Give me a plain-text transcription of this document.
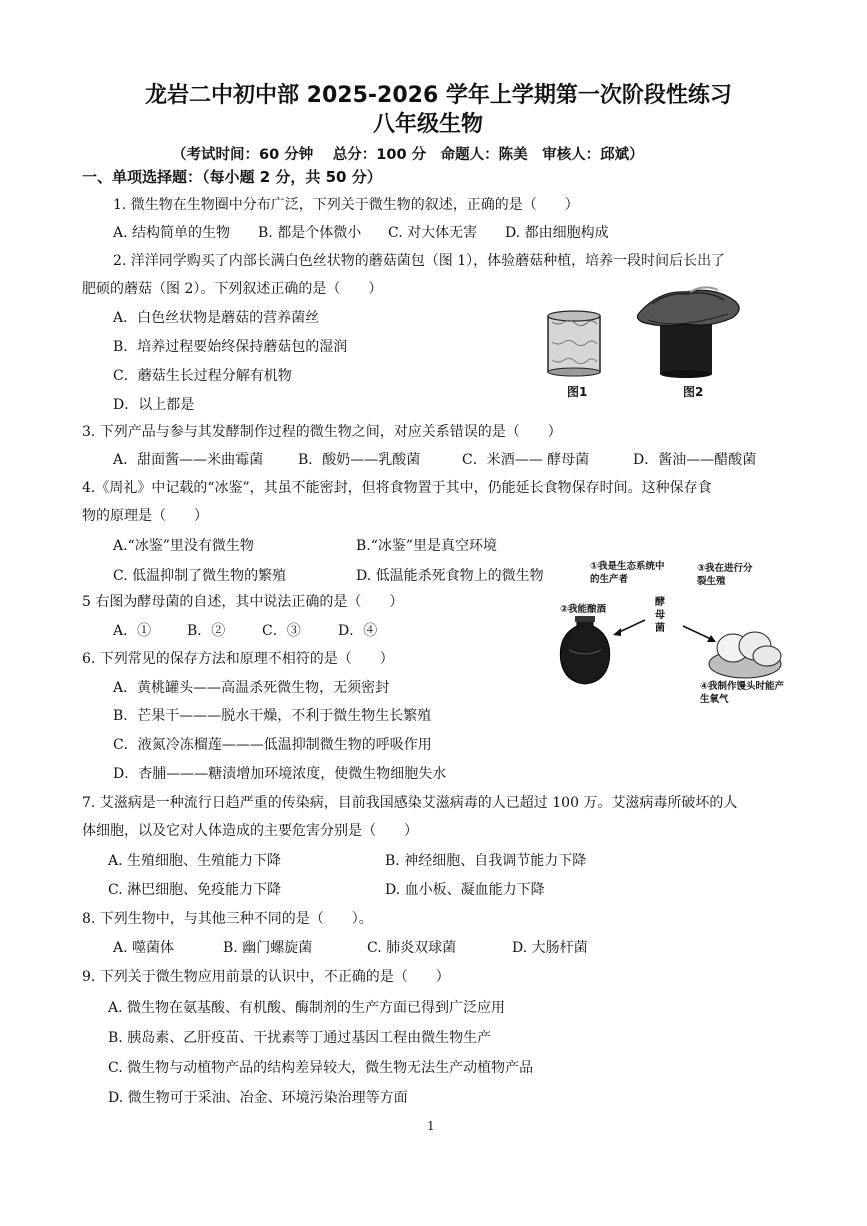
龙岩二中初中部 2025-2026 学年上学期第一次阶段性练习
八年级生物
（考试时间：60 分钟　 总分：100 分　命题人：陈美　审核人：邱斌）
一、单项选择题：（每小题 2 分，共 50 分）
1. 微生物在生物圈中分布广泛，下列关于微生物的叙述，正确的是（　　）
A. 结构简单的生物 B. 都是个体微小 C. 对大体无害 D. 都由细胞构成
2. 洋洋同学购买了内部长满白色丝状物的蘑菇菌包（图 1），体验蘑菇种植，培养一段时间后长出了
肥硕的蘑菇（图 2）。下列叙述正确的是（　　）
A．白色丝状物是蘑菇的营养菌丝
B．培养过程要始终保持蘑菇包的湿润
C．蘑菇生长过程分解有机物
D．以上都是
图1	图2
3. 下列产品与参与其发酵制作过程的微生物之间，对应关系错误的是（　　）
A．甜面酱——米曲霉菌 B．酸奶——乳酸菌	C．米酒—— 酵母菌	D．酱油——醋酸菌
4.《周礼》中记载的“冰鉴”，其虽不能密封，但将食物置于其中，仍能延长食物保存时间。这种保存食
物的原理是（　　）
A.“冰鉴”里没有微生物	B.“冰鉴”里是真空环境
C. 低温抑制了微生物的繁殖	D. 低温能杀死食物上的微生物
5 右图为酵母菌的自述，其中说法正确的是（　　）
A．①	B．②	C．③	D．④
①我是生态系统中的生产者
③我在进行分裂生殖
②我能酿酒
酵母菌
④我制作馒头时能产生氧气
6. 下列常见的保存方法和原理不相符的是（　　）
A．黄桃罐头——高温杀死微生物，无须密封
B．芒果干———脱水干燥，不利于微生物生长繁殖
C．液氮冷冻榴莲———低温抑制微生物的呼吸作用
D．杏脯———糖渍增加环境浓度，使微生物细胞失水
7. 艾滋病是一种流行日趋严重的传染病，目前我国感染艾滋病毒的人已超过 100 万。艾滋病毒所破坏的人
体细胞，以及它对人体造成的主要危害分别是（　　）
A. 生殖细胞、生殖能力下降	B. 神经细胞、自我调节能力下降
C. 淋巴细胞、免疫能力下降	D. 血小板、凝血能力下降
8. 下列生物中，与其他三种不同的是（　　）。
A. 噬菌体	B. 幽门螺旋菌	C. 肺炎双球菌	D. 大肠杆菌
9. 下列关于微生物应用前景的认识中，不正确的是（　　）
A. 微生物在氨基酸、有机酸、酶制剂的生产方面已得到广泛应用
B. 胰岛素、乙肝疫苗、干扰素等丁通过基因工程由微生物生产
C. 微生物与动植物产品的结构差异较大，微生物无法生产动植物产品
D. 微生物可于采油、冶金、环境污染治理等方面
1
